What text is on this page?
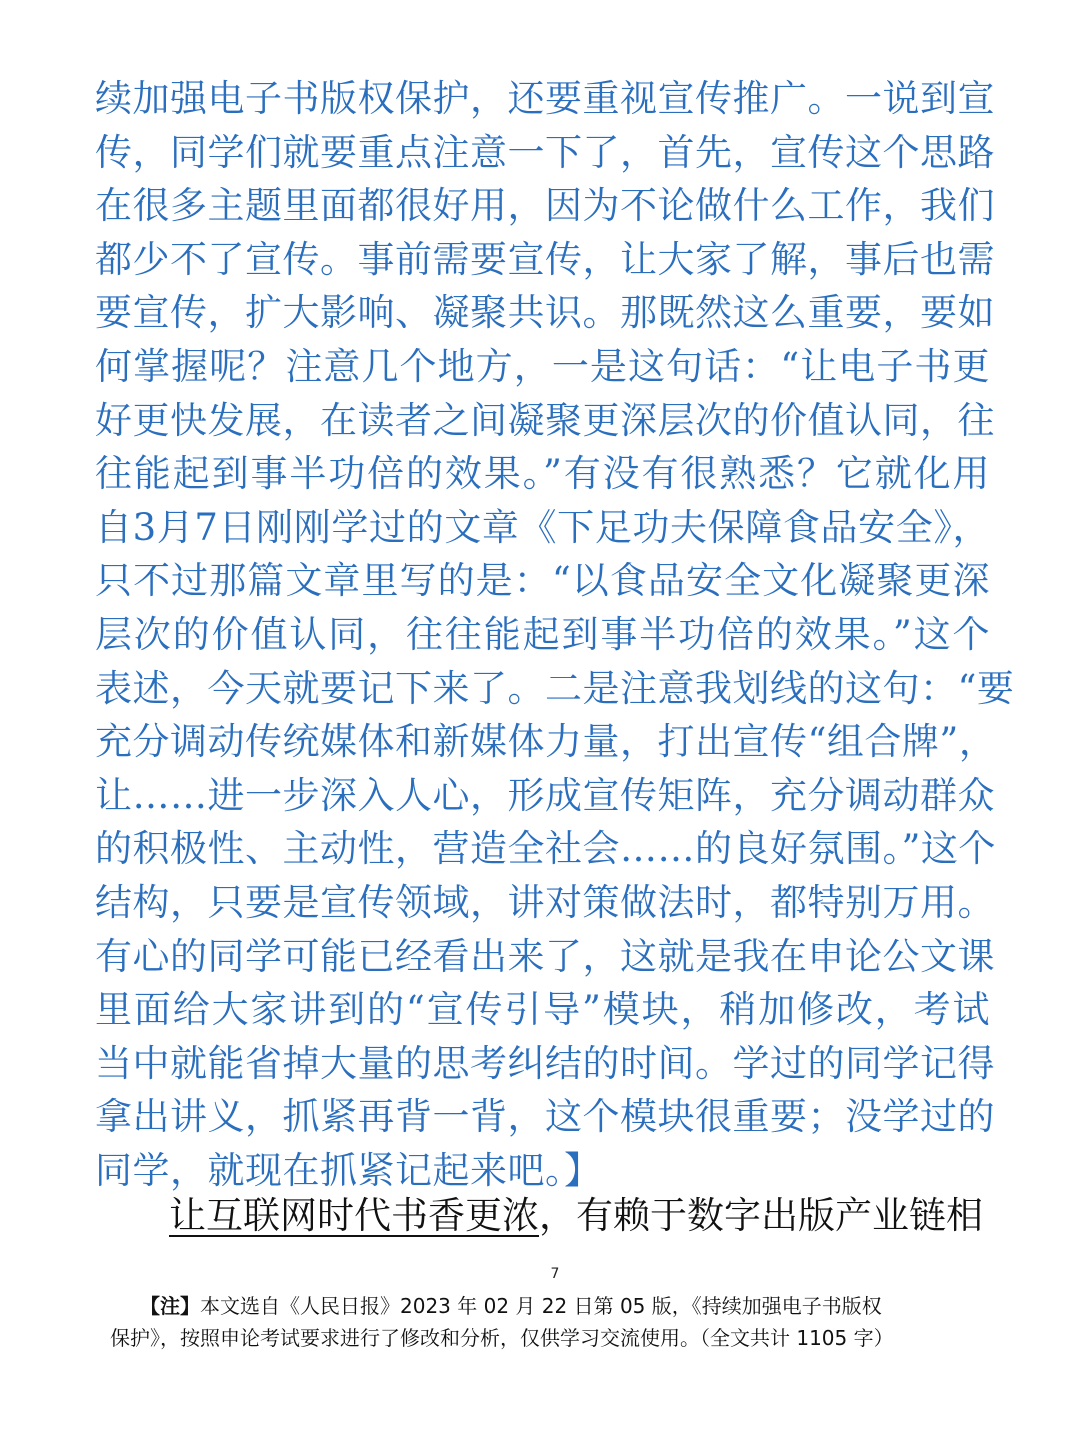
续加强电子书版权保护，还要重视宣传推广。一说到宣
传，同学们就要重点注意一下了，首先，宣传这个思路
在很多主题里面都很好用，因为不论做什么工作，我们
都少不了宣传。事前需要宣传，让大家了解，事后也需
要宣传，扩大影响、凝聚共识。那既然这么重要，要如
何掌握呢？注意几个地方，一是这句话：“让电子书更
好更快发展，在读者之间凝聚更深层次的价值认同，往
往能起到事半功倍的效果。”有没有很熟悉？它就化用
自3月7日刚刚学过的文章《下足功夫保障食品安全》，
只不过那篇文章里写的是：“以食品安全文化凝聚更深
层次的价值认同，往往能起到事半功倍的效果。”这个
表述，今天就要记下来了。二是注意我划线的这句：“要
充分调动传统媒体和新媒体力量，打出宣传“组合牌”，
让……进一步深入人心，形成宣传矩阵，充分调动群众
的积极性、主动性，营造全社会……的良好氛围。”这个
结构，只要是宣传领域，讲对策做法时，都特别万用。
有心的同学可能已经看出来了，这就是我在申论公文课
里面给大家讲到的“宣传引导”模块，稍加修改，考试
当中就能省掉大量的思考纠结的时间。学过的同学记得
拿出讲义，抓紧再背一背，这个模块很重要；没学过的
同学，就现在抓紧记起来吧。】
让互联网时代书香更浓，有赖于数字出版产业链相
7
【注】本文选自《人民日报》2023 年 02 月 22 日第 05 版，《持续加强电子书版权
保护》，按照申论考试要求进行了修改和分析，仅供学习交流使用。（全文共计 1105 字）
